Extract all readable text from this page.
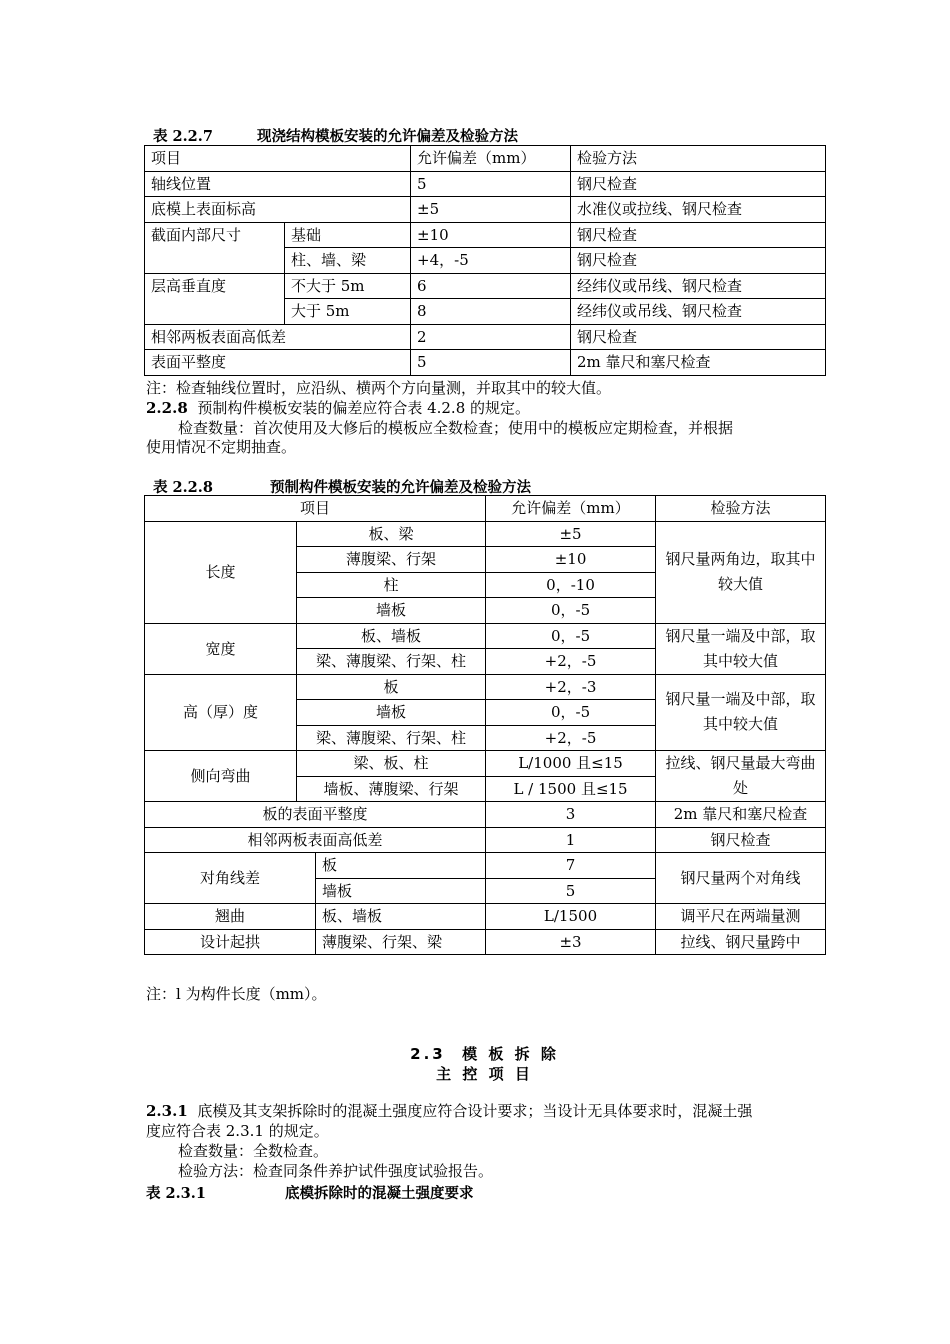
表 2.2.7	现浇结构模板安装的允许偏差及检验方法
项目		允许偏差（mm）	检验方法
轴线位置		5	钢尺检查
底模上表面标高		±5	水准仪或拉线、钢尺检查
截面内部尺寸	基础	±10	钢尺检查
	柱、墙、梁	+4，-5	钢尺检查
层高垂直度	不大于 5m	6	经纬仪或吊线、钢尺检查
	大于 5m	8	经纬仪或吊线、钢尺检查
相邻两板表面高低差		2	钢尺检查
表面平整度		5	2m 靠尺和塞尺检查
注：检查轴线位置时，应沿纵、横两个方向量测，并取其中的较大值。
2.2.8 预制构件模板安装的偏差应符合表 4.2.8 的规定。
检查数量：首次使用及大修后的模板应全数检查；使用中的模板应定期检查，并根据
使用情况不定期抽查。
表 2.2.8	预制构件模板安装的允许偏差及检验方法
项目			允许偏差（mm）	检验方法
长度	板、梁		±5	钢尺量两角边，取其中较大值
	薄腹梁、行架		±10	
	柱		0，-10	
	墙板		0，-5	
宽度	板、墙板		0，-5	钢尺量一端及中部，取其中较大值
	梁、薄腹梁、行架、柱		+2，-5	
高（厚）度	板		+2，-3	钢尺量一端及中部，取其中较大值
	墙板		0，-5	
	梁、薄腹梁、行架、柱		+2，-5	
侧向弯曲	梁、板、柱		L/1000 且≤15	拉线、钢尺量最大弯曲处
	墙板、薄腹梁、行架		L / 1500 且≤15	
板的表面平整度			3	2m 靠尺和塞尺检查
相邻两板表面高低差			1	钢尺检查
对角线差		板	7	钢尺量两个对角线
		墙板	5	
翘曲		板、墙板	L/1500	调平尺在两端量测
设计起拱		薄腹梁、行架、梁	±3	拉线、钢尺量跨中
注：l 为构件长度（mm）。
2.3  模 板 拆 除
主 控 项 目
2.3.1 底模及其支架拆除时的混凝土强度应符合设计要求；当设计无具体要求时，混凝土强
度应符合表 2.3.1 的规定。
检查数量：全数检查。
检验方法：检查同条件养护试件强度试验报告。
表 2.3.1	底模拆除时的混凝土强度要求
